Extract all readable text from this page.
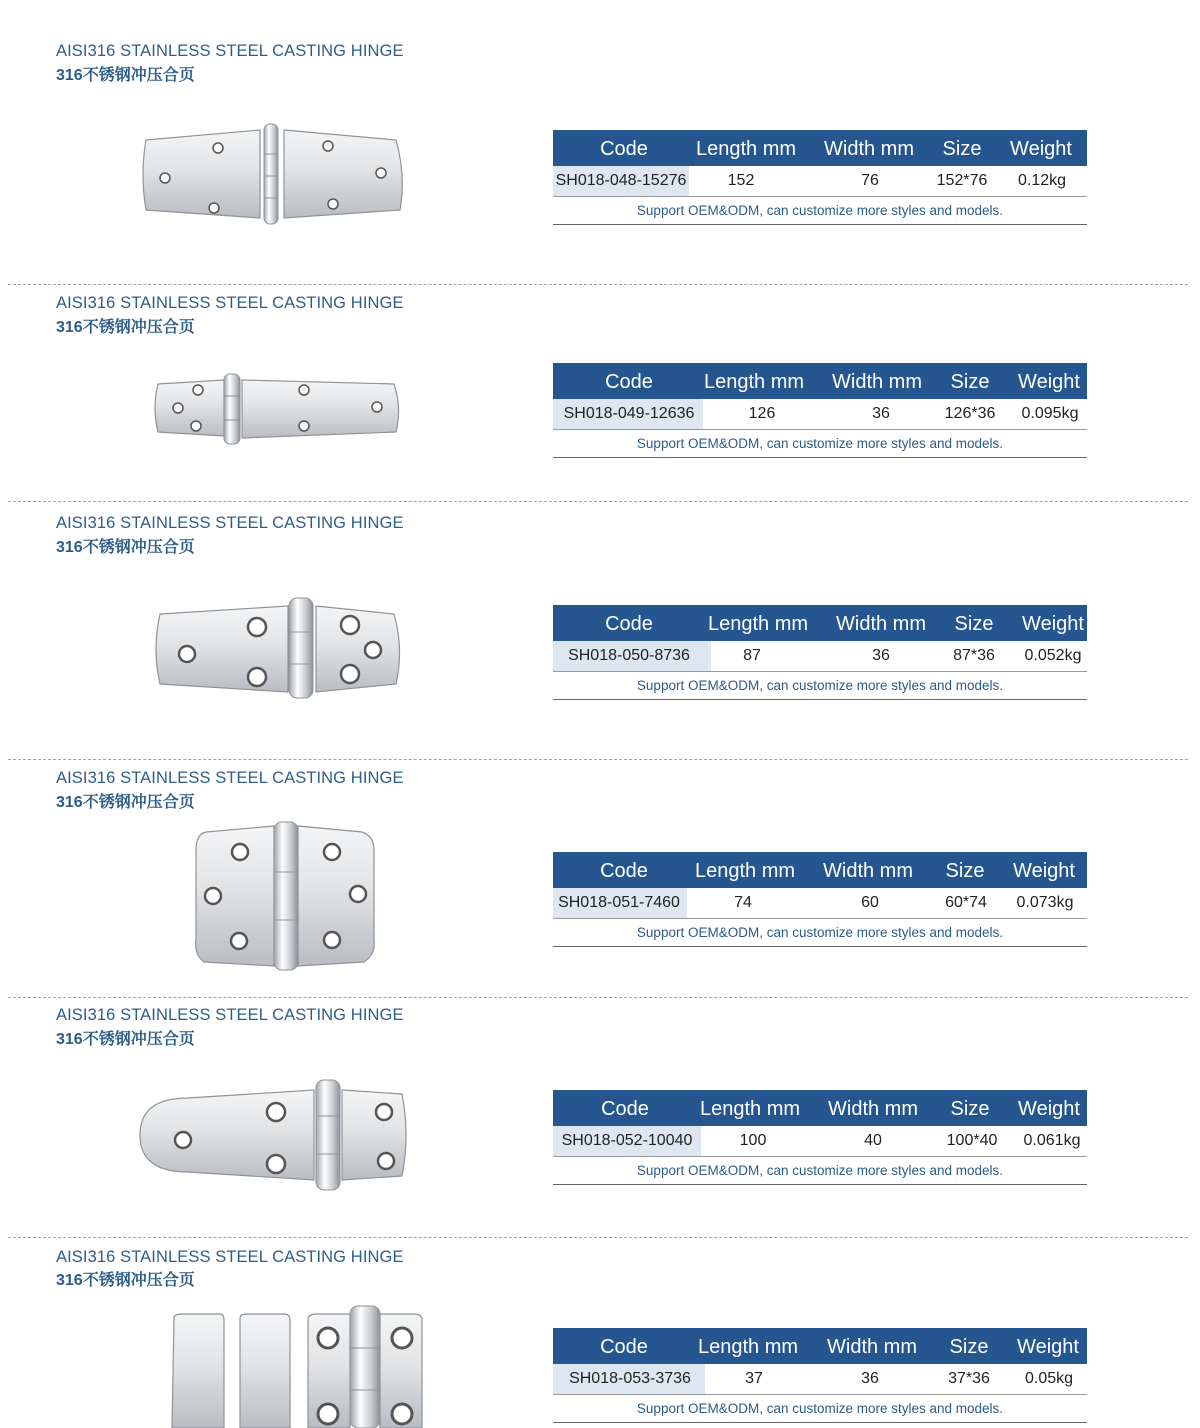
AISI316 STAINLESS STEEL CASTING HINGE
316不锈钢冲压合页
Code Length mm Width mm Size Weight
SH018-048-15276	152	76	152*76 0.12kg
Support OEM&ODM, can customize more styles and models.
AISI316 STAINLESS STEEL CASTING HINGE
316不锈钢冲压合页
Code	Length mm Width mm Size Weight
SH018-049-12636	126	36	126*36 0.095kg
Support OEM&ODM, can customize more styles and models.
AISI316 STAINLESS STEEL CASTING HINGE
316不锈钢冲压合页
Code	Length mm Width mm Size Weight
SH018-050-8736	87	36	87*36 0.052kg
Support OEM&ODM, can customize more styles and models.
AISI316 STAINLESS STEEL CASTING HINGE
316不锈钢冲压合页
Code Length mm Width mm Size Weight
SH018-051-7460	74	60	60*74 0.073kg
Support OEM&ODM, can customize more styles and models.
AISI316 STAINLESS STEEL CASTING HINGE
316不锈钢冲压合页
Code	Length mm Width mm Size Weight
SH018-052-10040	100	40	100*40 0.061kg
Support OEM&ODM, can customize more styles and models.
AISI316 STAINLESS STEEL CASTING HINGE
316不锈钢冲压合页
Code	Length mm Width mm Size Weight
SH018-053-3736	37	36	37*36 0.05kg
Support OEM&ODM, can customize more styles and models.
